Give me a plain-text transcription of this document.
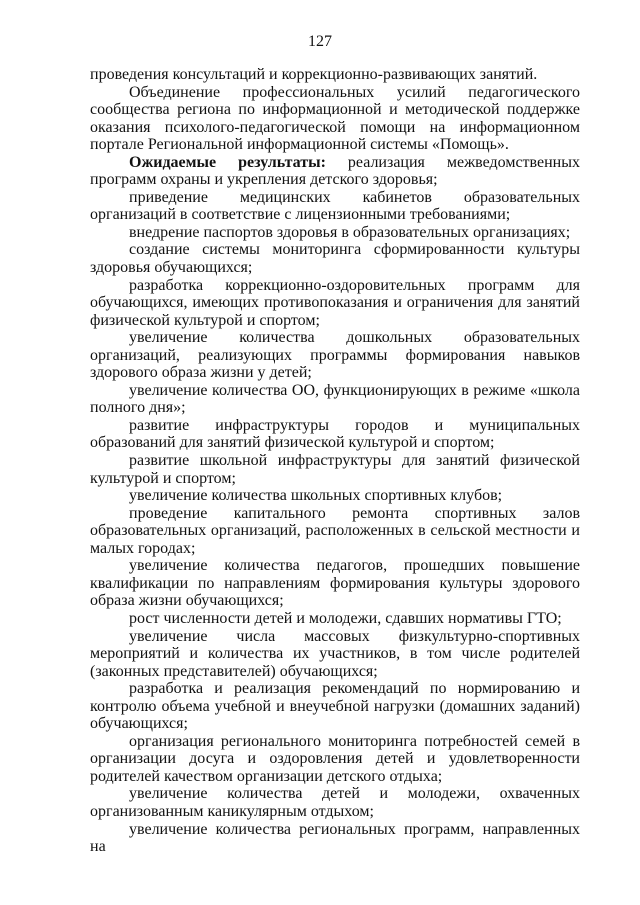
127

проведения консультаций и коррекционно-развивающих занятий.

Объединение профессиональных усилий педагогического сообщества региона по информационной и методической поддержке оказания психолого-педагогической помощи на информационном портале Региональной информационной системы «Помощь».

Ожидаемые результаты: реализация межведомственных программ охраны и укрепления детского здоровья;

приведение медицинских кабинетов образовательных организаций в соответствие с лицензионными требованиями;

внедрение паспортов здоровья в образовательных организациях;

создание системы мониторинга сформированности культуры здоровья обучающихся;

разработка коррекционно-оздоровительных программ для обучающихся, имеющих противопоказания и ограничения для занятий физической культурой и спортом;

увеличение количества дошкольных образовательных организаций, реализующих программы формирования навыков здорового образа жизни у детей;

увеличение количества ОО, функционирующих в режиме «школа полного дня»;

развитие инфраструктуры городов и муниципальных образований для занятий физической культурой и спортом;

развитие школьной инфраструктуры для занятий физической культурой и спортом;

увеличение количества школьных спортивных клубов;

проведение капитального ремонта спортивных залов образовательных организаций, расположенных в сельской местности и малых городах;

увеличение количества педагогов, прошедших повышение квалификации по направлениям формирования культуры здорового образа жизни обучающихся;

рост численности детей и молодежи, сдавших нормативы ГТО;

увеличение числа массовых физкультурно-спортивных мероприятий и количества их участников, в том числе родителей (законных представителей) обучающихся;

разработка и реализация рекомендаций по нормированию и контролю объема учебной и внеучебной нагрузки (домашних заданий) обучающихся;

организация регионального мониторинга потребностей семей в организации досуга и оздоровления детей и удовлетворенности родителей качеством организации детского отдыха;

увеличение количества детей и молодежи, охваченных организованным каникулярным отдыхом;

увеличение количества региональных программ, направленных на
